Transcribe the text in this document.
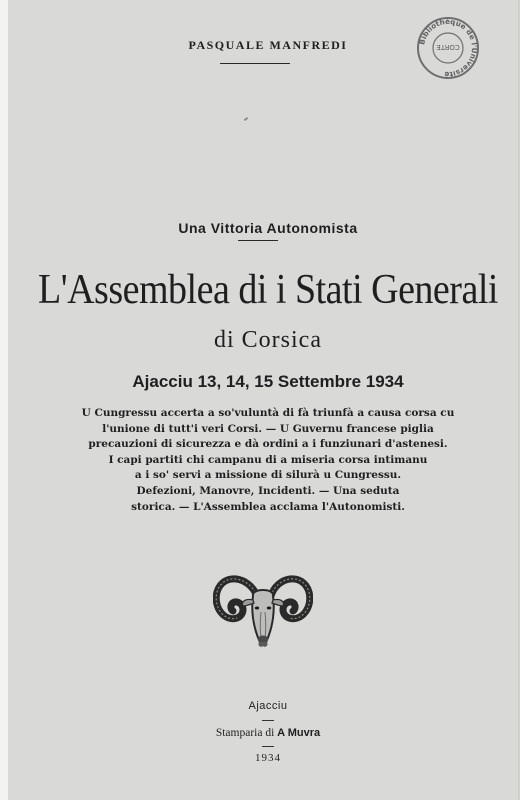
PASQUALE MANFREDI	Bibliothèque de l'Université
CORTE
Una Vittoria Autonomista
L'Assemblea di i Stati Generali
di Corsica
Ajacciu 13, 14, 15 Settembre 1934
U Cungressu accerta a so'vuluntà di fà triunfà a causa corsa cu
l'unione di tutt'i veri Corsi. — U Guvernu francese piglia
precauzioni di sicurezza e dà ordini a i funziunari d'astenesi.
I capi partiti chi campanu di a miseria corsa intimanu
a i so' servi a missione di silurà u Cungressu.
Defezioni, Manovre, Incidenti. — Una seduta
storica. — L'Assemblea acclama l'Autonomisti.
Ajacciu
Stamparia di A Muvra
1934
